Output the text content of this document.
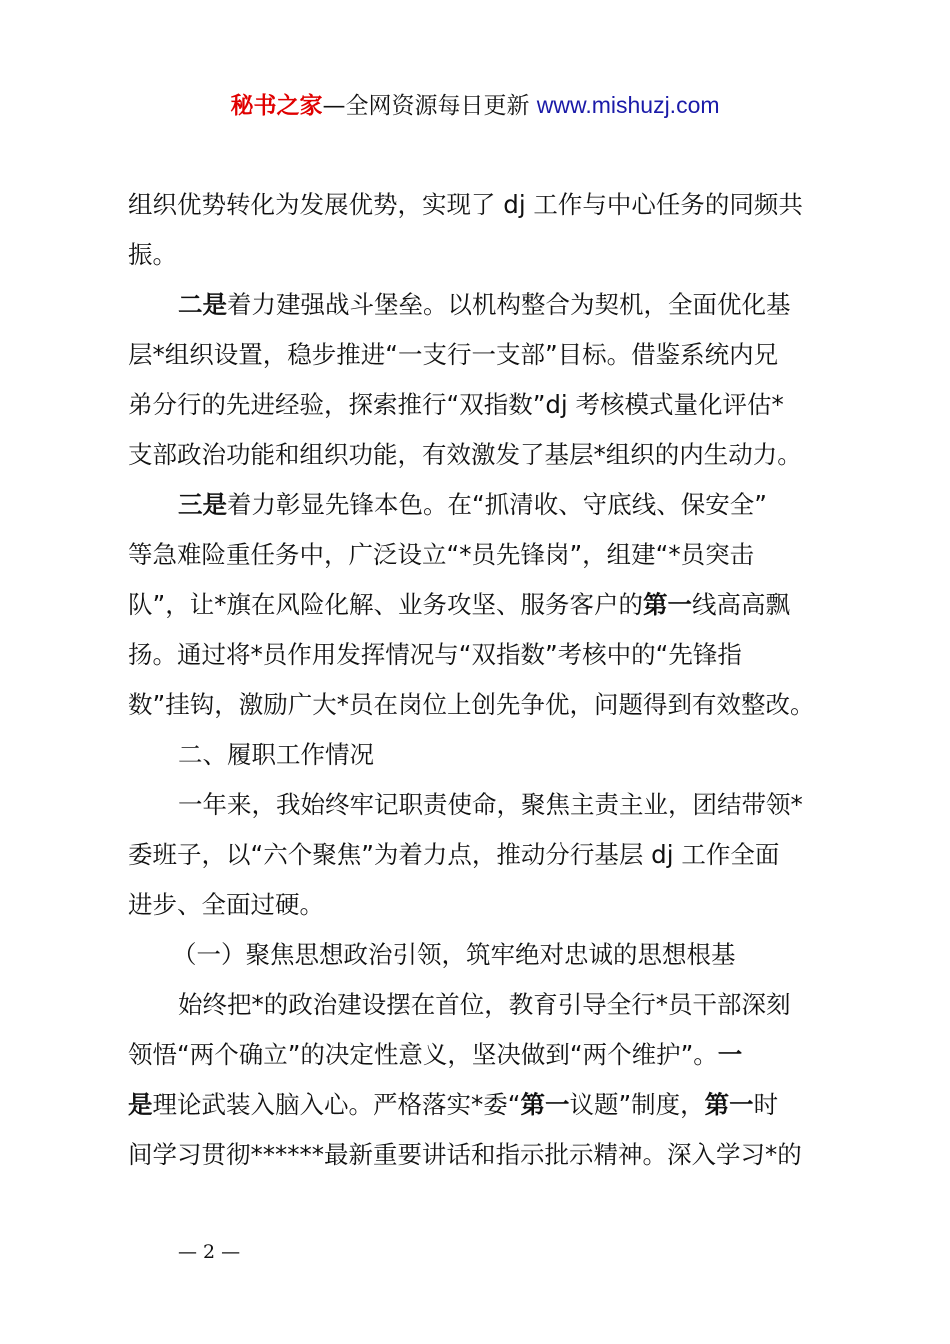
秘书之家—全网资源每日更新 www.mishuzj.com
组织优势转化为发展优势，实现了 dj 工作与中心任务的同频共
振。
二是着力建强战斗堡垒。以机构整合为契机，全面优化基
层*组织设置，稳步推进“一支行一支部”目标。借鉴系统内兄
弟分行的先进经验，探索推行“双指数”dj 考核模式量化评估*
支部政治功能和组织功能，有效激发了基层*组织的内生动力。
三是着力彰显先锋本色。在“抓清收、守底线、保安全”
等急难险重任务中，广泛设立“*员先锋岗”，组建“*员突击
队”，让*旗在风险化解、业务攻坚、服务客户的第一线高高飘
扬。通过将*员作用发挥情况与“双指数”考核中的“先锋指
数”挂钩，激励广大*员在岗位上创先争优，问题得到有效整改。
二、履职工作情况
一年来，我始终牢记职责使命，聚焦主责主业，团结带领*
委班子，以“六个聚焦”为着力点，推动分行基层 dj 工作全面
进步、全面过硬。
（一）聚焦思想政治引领，筑牢绝对忠诚的思想根基
始终把*的政治建设摆在首位，教育引导全行*员干部深刻
领悟“两个确立”的决定性意义，坚决做到“两个维护”。一
是理论武装入脑入心。严格落实*委“第一议题”制度，第一时
间学习贯彻******最新重要讲话和指示批示精神。深入学习*的
— 2 —
